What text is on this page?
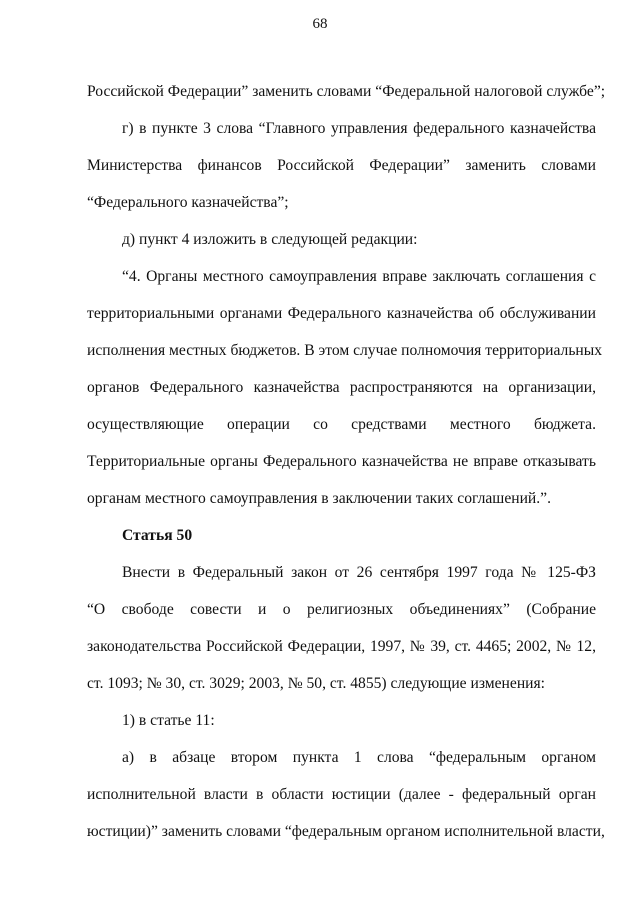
68
Российской Федерации” заменить словами “Федеральной налоговой службе”;
г) в пункте 3 слова “Главного управления федерального казначейства
Министерства финансов Российской Федерации” заменить словами
“Федерального казначейства”;
д) пункт 4 изложить в следующей редакции:
“4. Органы местного самоуправления вправе заключать соглашения с
территориальными органами Федерального казначейства об обслуживании
исполнения местных бюджетов. В этом случае полномочия территориальных
органов Федерального казначейства распространяются на организации,
осуществляющие операции со средствами местного бюджета.
Территориальные органы Федерального казначейства не вправе отказывать
органам местного самоуправления в заключении таких соглашений.”.
Статья 50
Внести в Федеральный закон от 26 сентября 1997 года № 125-ФЗ
“О свободе совести и о религиозных объединениях” (Собрание
законодательства Российской Федерации, 1997, № 39, ст. 4465; 2002, № 12,
ст. 1093; № 30, ст. 3029; 2003, № 50, ст. 4855) следующие изменения:
1) в статье 11:
а) в абзаце втором пункта 1 слова “федеральным органом
исполнительной власти в области юстиции (далее - федеральный орган
юстиции)” заменить словами “федеральным органом исполнительной власти,
